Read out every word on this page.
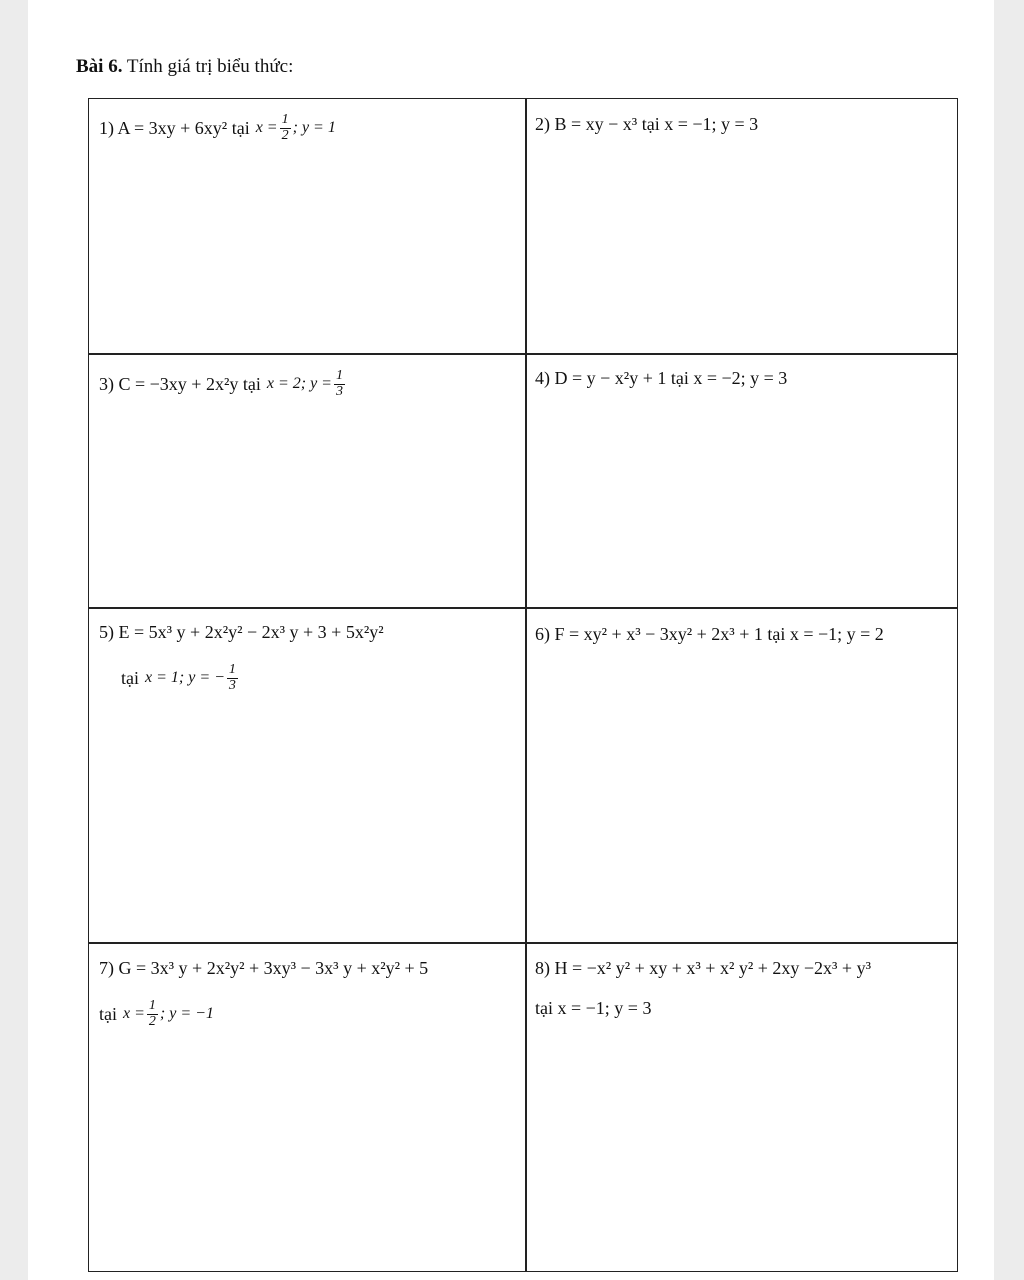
Bài 6. Tính giá trị biểu thức:
1) A = 3xy + 6xy² tại $x = \frac{1}{2}$ ; y = 1	2) B = xy − x³ tại x = −1; y = 3
3) C = −3xy + 2x²y tại x = 2; $y = \frac{1}{3}$	4) D = y − x²y + 1 tại x = −2; y = 3
5) E = 5x³ y + 2x²y² − 2x³ y + 3 + 5x²y²
tại x = 1; y = − $\frac{1}{3}$
6) F = xy² + x³ − 3xy² + 2x³ + 1 tại x = −1; y = 2
7) G = 3x³ y + 2x²y² + 3xy³ − 3x³ y + x²y² + 5
tại $x = \frac{1}{2}$ ; y = −1
8) H = −x² y² + xy + x³ + x² y² + 2xy −2x³ + y³
tại x = −1; y = 3
